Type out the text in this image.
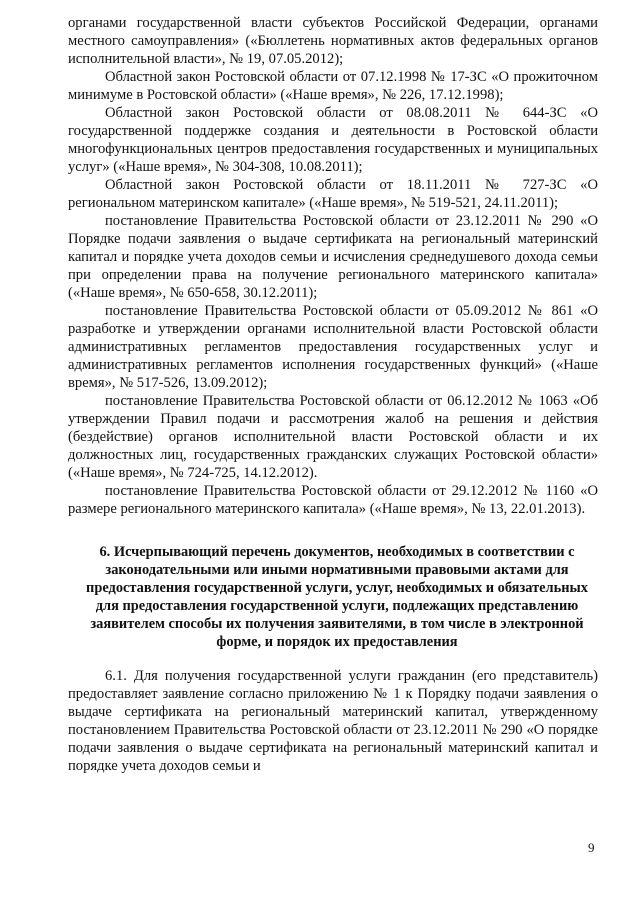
органами государственной власти субъектов Российской Федерации, органами местного самоуправления» («Бюллетень нормативных актов федеральных органов исполнительной власти», № 19, 07.05.2012);

Областной закон Ростовской области от 07.12.1998 № 17-ЗС «О прожиточном минимуме в Ростовской области» («Наше время», № 226, 17.12.1998);

Областной закон Ростовской области от 08.08.2011 № 644-ЗС «О государственной поддержке создания и деятельности в Ростовской области многофункциональных центров предоставления государственных и муниципальных услуг» («Наше время», № 304-308, 10.08.2011);

Областной закон Ростовской области от 18.11.2011 № 727-ЗС «О региональном материнском капитале» («Наше время», № 519-521, 24.11.2011);

постановление Правительства Ростовской области от 23.12.2011 № 290 «О Порядке подачи заявления о выдаче сертификата на региональный материнский капитал и порядке учета доходов семьи и исчисления среднедушевого дохода семьи при определении права на получение регионального материнского капитала» («Наше время», № 650-658, 30.12.2011);

постановление Правительства Ростовской области от 05.09.2012 № 861 «О разработке и утверждении органами исполнительной власти Ростовской области административных регламентов предоставления государственных услуг и административных регламентов исполнения государственных функций» («Наше время», № 517-526, 13.09.2012);

постановление Правительства Ростовской области от 06.12.2012 № 1063 «Об утверждении Правил подачи и рассмотрения жалоб на решения и действия (бездействие) органов исполнительной власти Ростовской области и их должностных лиц, государственных гражданских служащих Ростовской области» («Наше время», № 724-725, 14.12.2012).

постановление Правительства Ростовской области от 29.12.2012 № 1160 «О размере регионального материнского капитала» («Наше время», № 13, 22.01.2013).

6. Исчерпывающий перечень документов, необходимых в соответствии с законодательными или иными нормативными правовыми актами для предоставления государственной услуги, услуг, необходимых и обязательных для предоставления государственной услуги, подлежащих представлению заявителем способы их получения заявителями, в том числе в электронной форме, и порядок их предоставления

6.1. Для получения государственной услуги гражданин (его представитель) предоставляет заявление согласно приложению № 1 к Порядку подачи заявления о выдаче сертификата на региональный материнский капитал, утвержденному постановлением Правительства Ростовской области от 23.12.2011 № 290 «О порядке подачи заявления о выдаче сертификата на региональный материнский капитал и порядке учета доходов семьи и

9
